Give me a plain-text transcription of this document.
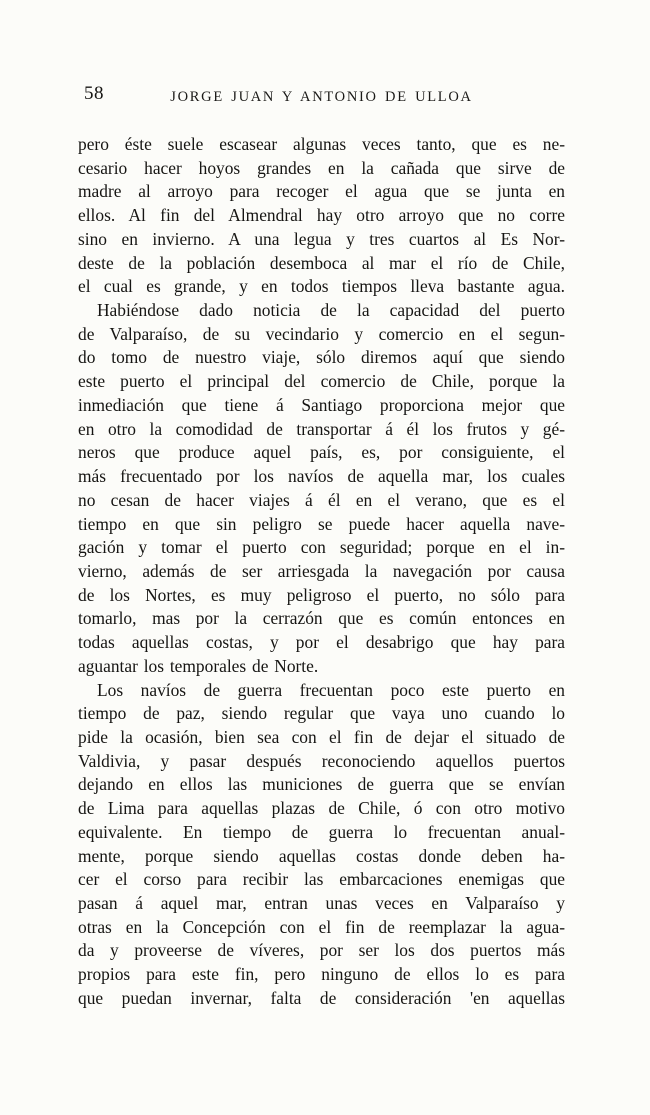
58	JORGE JUAN Y ANTONIO DE ULLOA
pero éste suele escasear algunas veces tanto, que es ne-
cesario hacer hoyos grandes en la cañada que sirve de
madre al arroyo para recoger el agua que se junta en
ellos. Al fin del Almendral hay otro arroyo que no corre
sino en invierno. A una legua y tres cuartos al Es Nor-
deste de la población desemboca al mar el río de Chile,
el cual es grande, y en todos tiempos lleva bastante agua.
Habiéndose dado noticia de la capacidad del puerto
de Valparaíso, de su vecindario y comercio en el segun-
do tomo de nuestro viaje, sólo diremos aquí que siendo
este puerto el principal del comercio de Chile, porque la
inmediación que tiene á Santiago proporciona mejor que
en otro la comodidad de transportar á él los frutos y gé-
neros que produce aquel país, es, por consiguiente, el
más frecuentado por los navíos de aquella mar, los cuales
no cesan de hacer viajes á él en el verano, que es el
tiempo en que sin peligro se puede hacer aquella nave-
gación y tomar el puerto con seguridad; porque en el in-
vierno, además de ser arriesgada la navegación por causa
de los Nortes, es muy peligroso el puerto, no sólo para
tomarlo, mas por la cerrazón que es común entonces en
todas aquellas costas, y por el desabrigo que hay para
aguantar los temporales de Norte.
Los navíos de guerra frecuentan poco este puerto en
tiempo de paz, siendo regular que vaya uno cuando lo
pide la ocasión, bien sea con el fin de dejar el situado de
Valdivia, y pasar después reconociendo aquellos puertos
dejando en ellos las municiones de guerra que se envían
de Lima para aquellas plazas de Chile, ó con otro motivo
equivalente. En tiempo de guerra lo frecuentan anual-
mente, porque siendo aquellas costas donde deben ha-
cer el corso para recibir las embarcaciones enemigas que
pasan á aquel mar, entran unas veces en Valparaíso y
otras en la Concepción con el fin de reemplazar la agua-
da y proveerse de víveres, por ser los dos puertos más
propios para este fin, pero ninguno de ellos lo es para
que puedan invernar, falta de consideración 'en aquellas
